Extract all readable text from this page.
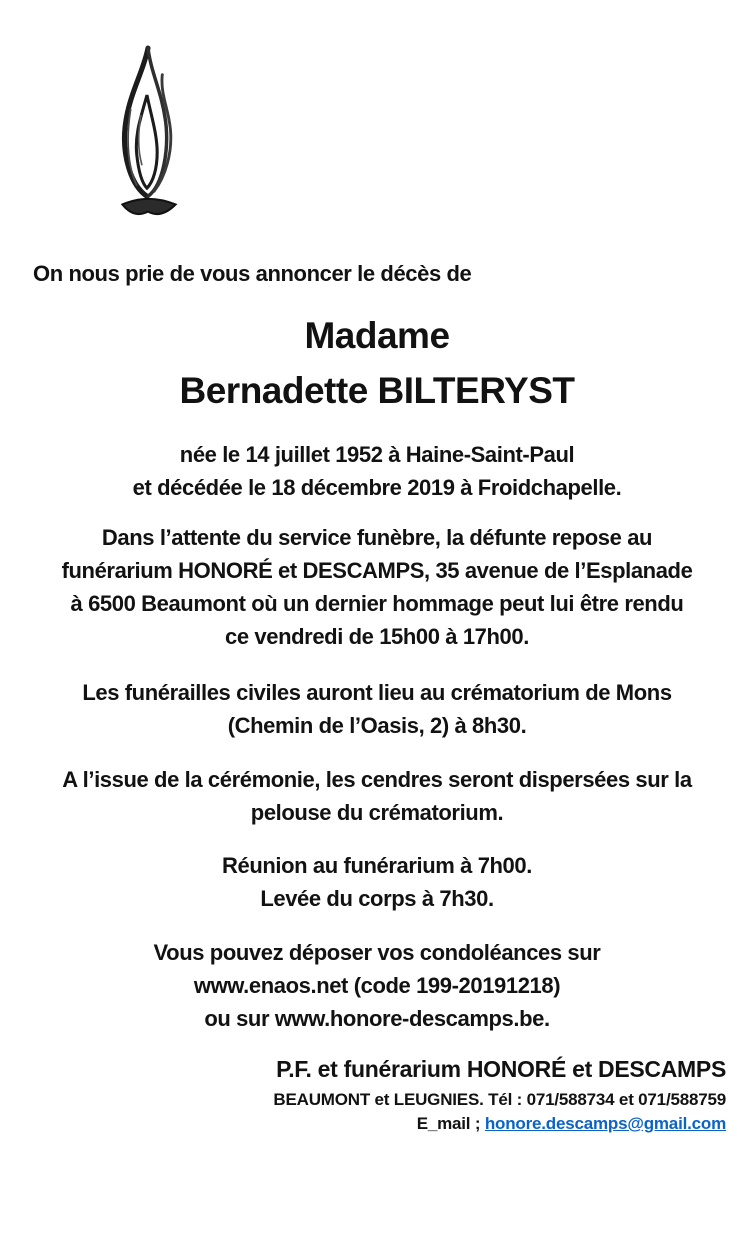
On nous prie de vous annoncer le décès de
Madame
Bernadette BILTERYST
née le 14 juillet 1952 à Haine-Saint-Paul
et décédée le 18 décembre 2019 à Froidchapelle.
Dans l’attente du service funèbre, la défunte repose au
funérarium HONORÉ et DESCAMPS, 35 avenue de l’Esplanade
à 6500 Beaumont où un dernier hommage peut lui être rendu
ce vendredi de 15h00 à 17h00.
Les funérailles civiles auront lieu au crématorium de Mons
(Chemin de l’Oasis, 2) à 8h30.
A l’issue de la cérémonie, les cendres seront dispersées sur la
pelouse du crématorium.
Réunion au funérarium à 7h00.
Levée du corps à 7h30.
Vous pouvez déposer vos condoléances sur
www.enaos.net (code 199-20191218)
ou sur www.honore-descamps.be.
P.F. et funérarium HONORÉ et DESCAMPS
BEAUMONT et LEUGNIES. Tél : 071/588734 et 071/588759
E_mail ; honore.descamps@gmail.com
